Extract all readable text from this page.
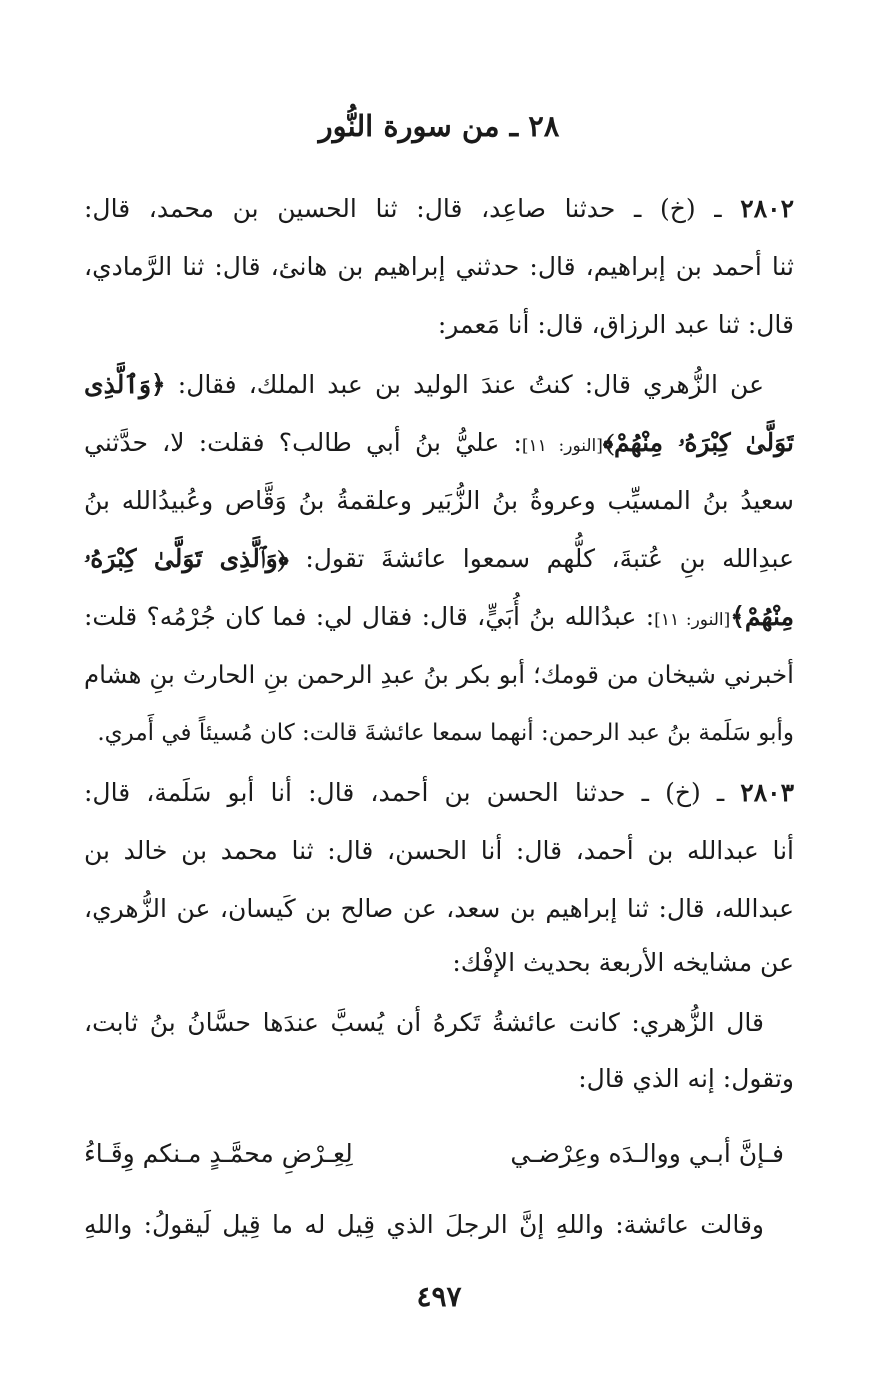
٢٨ ـ من سورة النُّور
٢٨٠٢ ـ (خ) ـ حدثنا صاعِد، قال: ثنا الحسين بن محمد، قال:
ثنا أحمد بن إبراهيم، قال: حدثني إبراهيم بن هانئ، قال: ثنا الرَّمادي،
قال: ثنا عبد الرزاق، قال: أنا مَعمر:
عن الزُّهري قال: كنتُ عندَ الوليد بن عبد الملك، فقال: ﴿وَٱلَّذِى
تَوَلَّىٰ كِبْرَهُۥ مِنْهُمْ﴾[النور: ١١]: عليُّ بنُ أبي طالب؟ فقلت: لا، حدَّثني
سعيدُ بنُ المسيِّب وعروةُ بنُ الزُّبَير وعلقمةُ بنُ وَقَّاص وعُبيدُالله بنُ
عبدِالله بنِ عُتبةَ، كلُّهم سمعوا عائشةَ تقول: ﴿وَٱلَّذِى تَوَلَّىٰ كِبْرَهُۥ
مِنْهُمْ﴾[النور: ١١]: عبدُالله بنُ أُبَيٍّ، قال: فقال لي: فما كان جُرْمُه؟ قلت:
أخبرني شيخان من قومك؛ أبو بكر بنُ عبدِ الرحمن بنِ الحارث بنِ هشام
وأبو سَلَمة بنُ عبد الرحمن: أنهما سمعا عائشةَ قالت: كان مُسيئاً في أَمري.
٢٨٠٣ ـ (خ) ـ حدثنا الحسن بن أحمد، قال: أنا أبو سَلَمة، قال:
أنا عبدالله بن أحمد، قال: أنا الحسن، قال: ثنا محمد بن خالد بن
عبدالله، قال: ثنا إبراهيم بن سعد، عن صالح بن كَيسان، عن الزُّهري،
عن مشايخه الأربعة بحديث الإفْك:
قال الزُّهري: كانت عائشةُ تَكرهُ أن يُسبَّ عندَها حسَّانُ بنُ ثابت،
وتقول: إنه الذي قال:
فـإنَّ أبـي ووالـدَه وعِرْضـي
لِعِـرْضِ محمَّـدٍ مـنكم وِقَـاءُ
وقالت عائشة: واللهِ إنَّ الرجلَ الذي قِيل له ما قِيل لَيقولُ: واللهِ
٤٩٧
